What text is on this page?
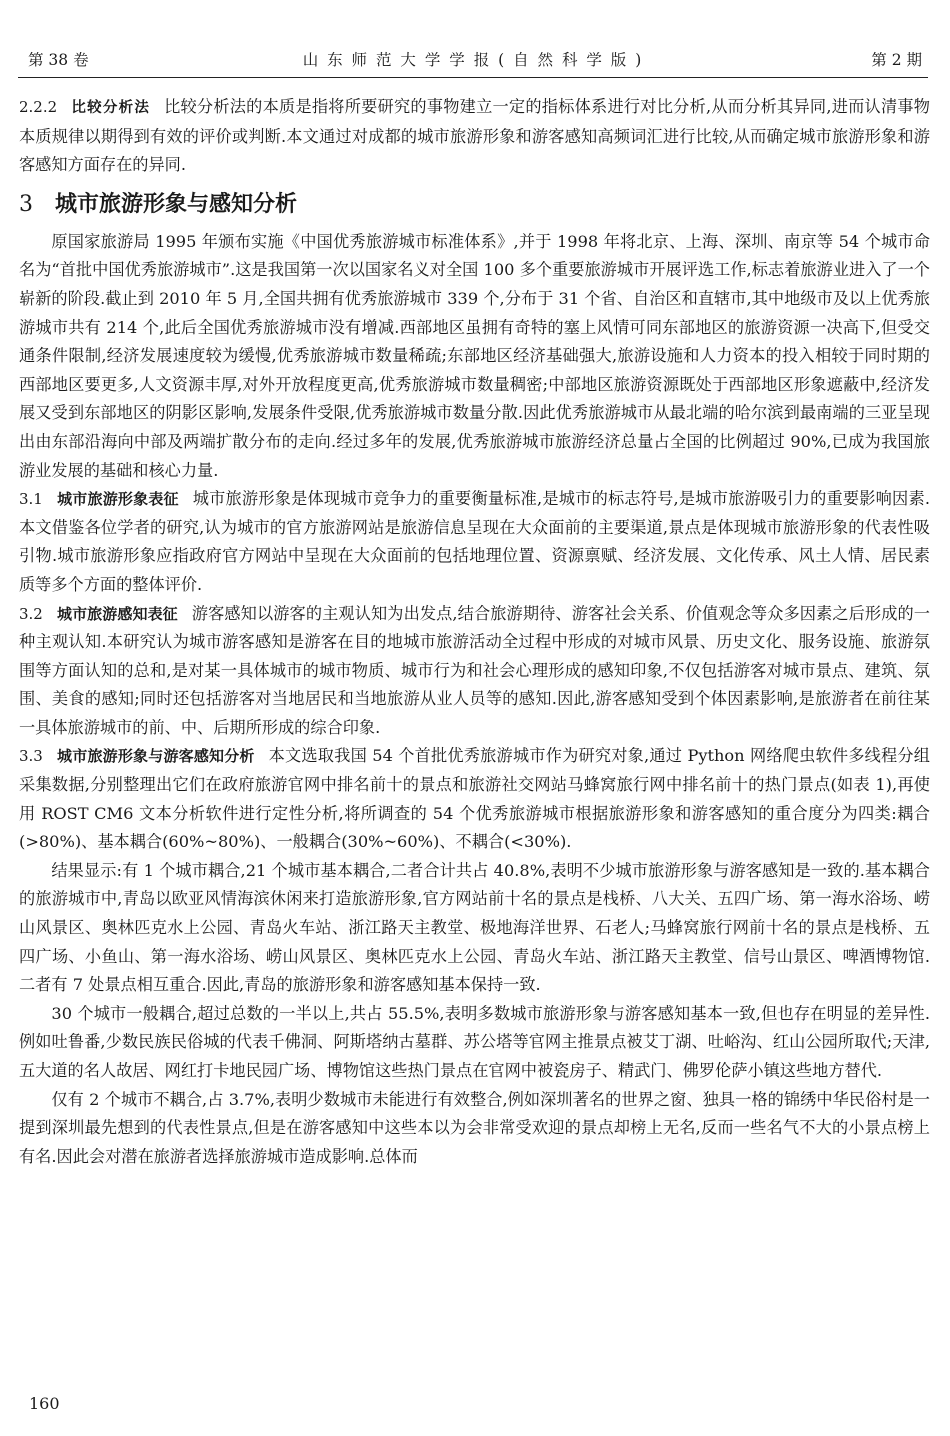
第 38 卷	山 东 师 范 大 学 学 报 ( 自 然 科 学 版 )	第 2 期

2.2.2 比较分析法 比较分析法的本质是指将所要研究的事物建立一定的指标体系进行对比分析,从而分析其异同,进而认清事物本质规律以期得到有效的评价或判断.本文通过对成都的城市旅游形象和游客感知高频词汇进行比较,从而确定城市旅游形象和游客感知方面存在的异同.

3 城市旅游形象与感知分析

原国家旅游局 1995 年颁布实施《中国优秀旅游城市标准体系》,并于 1998 年将北京、上海、深圳、南京等 54 个城市命名为“首批中国优秀旅游城市”.这是我国第一次以国家名义对全国 100 多个重要旅游城市开展评选工作,标志着旅游业进入了一个崭新的阶段.截止到 2010 年 5 月,全国共拥有优秀旅游城市 339 个,分布于 31 个省、自治区和直辖市,其中地级市及以上优秀旅游城市共有 214 个,此后全国优秀旅游城市没有增减.西部地区虽拥有奇特的塞上风情可同东部地区的旅游资源一决高下,但受交通条件限制,经济发展速度较为缓慢,优秀旅游城市数量稀疏;东部地区经济基础强大,旅游设施和人力资本的投入相较于同时期的西部地区要更多,人文资源丰厚,对外开放程度更高,优秀旅游城市数量稠密;中部地区旅游资源既处于西部地区形象遮蔽中,经济发展又受到东部地区的阴影区影响,发展条件受限,优秀旅游城市数量分散.因此优秀旅游城市从最北端的哈尔滨到最南端的三亚呈现出由东部沿海向中部及两端扩散分布的走向.经过多年的发展,优秀旅游城市旅游经济总量占全国的比例超过 90%,已成为我国旅游业发展的基础和核心力量.

3.1 城市旅游形象表征 城市旅游形象是体现城市竞争力的重要衡量标准,是城市的标志符号,是城市旅游吸引力的重要影响因素.本文借鉴各位学者的研究,认为城市的官方旅游网站是旅游信息呈现在大众面前的主要渠道,景点是体现城市旅游形象的代表性吸引物.城市旅游形象应指政府官方网站中呈现在大众面前的包括地理位置、资源禀赋、经济发展、文化传承、风土人情、居民素质等多个方面的整体评价.

3.2 城市旅游感知表征 游客感知以游客的主观认知为出发点,结合旅游期待、游客社会关系、价值观念等众多因素之后形成的一种主观认知.本研究认为城市游客感知是游客在目的地城市旅游活动全过程中形成的对城市风景、历史文化、服务设施、旅游氛围等方面认知的总和,是对某一具体城市的城市物质、城市行为和社会心理形成的感知印象,不仅包括游客对城市景点、建筑、氛围、美食的感知;同时还包括游客对当地居民和当地旅游从业人员等的感知.因此,游客感知受到个体因素影响,是旅游者在前往某一具体旅游城市的前、中、后期所形成的综合印象.

3.3 城市旅游形象与游客感知分析 本文选取我国 54 个首批优秀旅游城市作为研究对象,通过 Python 网络爬虫软件多线程分组采集数据,分别整理出它们在政府旅游官网中排名前十的景点和旅游社交网站马蜂窝旅行网中排名前十的热门景点(如表 1),再使用 ROST CM6 文本分析软件进行定性分析,将所调查的 54 个优秀旅游城市根据旅游形象和游客感知的重合度分为四类:耦合(>80%)、基本耦合(60%~80%)、一般耦合(30%~60%)、不耦合(<30%).

结果显示:有 1 个城市耦合,21 个城市基本耦合,二者合计共占 40.8%,表明不少城市旅游形象与游客感知是一致的.基本耦合的旅游城市中,青岛以欧亚风情海滨休闲来打造旅游形象,官方网站前十名的景点是栈桥、八大关、五四广场、第一海水浴场、崂山风景区、奥林匹克水上公园、青岛火车站、浙江路天主教堂、极地海洋世界、石老人;马蜂窝旅行网前十名的景点是栈桥、五四广场、小鱼山、第一海水浴场、崂山风景区、奥林匹克水上公园、青岛火车站、浙江路天主教堂、信号山景区、啤酒博物馆.二者有 7 处景点相互重合.因此,青岛的旅游形象和游客感知基本保持一致.

30 个城市一般耦合,超过总数的一半以上,共占 55.5%,表明多数城市旅游形象与游客感知基本一致,但也存在明显的差异性.例如吐鲁番,少数民族民俗城的代表千佛洞、阿斯塔纳古墓群、苏公塔等官网主推景点被艾丁湖、吐峪沟、红山公园所取代;天津,五大道的名人故居、网红打卡地民园广场、博物馆这些热门景点在官网中被瓷房子、精武门、佛罗伦萨小镇这些地方替代.

仅有 2 个城市不耦合,占 3.7%,表明少数城市未能进行有效整合,例如深圳著名的世界之窗、独具一格的锦绣中华民俗村是一提到深圳最先想到的代表性景点,但是在游客感知中这些本以为会非常受欢迎的景点却榜上无名,反而一些名气不大的小景点榜上有名.因此会对潜在旅游者选择旅游城市造成影响.总体而

160
